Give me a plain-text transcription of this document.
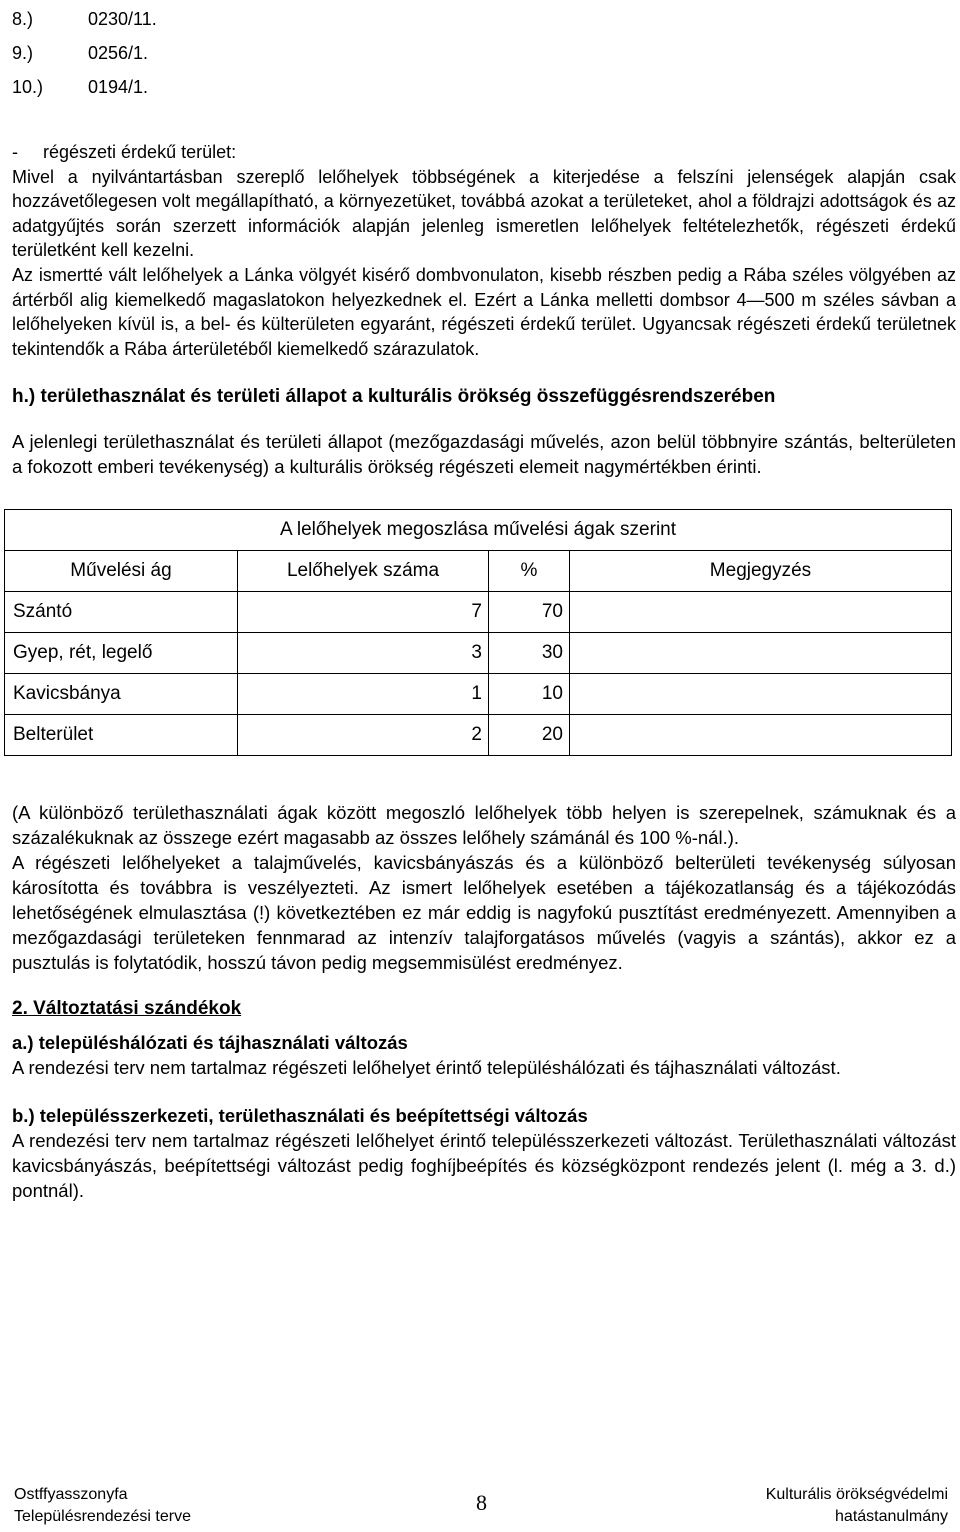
8.)	0230/11.
9.)	0256/1.
10.)	0194/1.

-     régészeti érdekű terület:

Mivel a nyilvántartásban szereplő lelőhelyek többségének a kiterjedése a felszíni jelenségek alapján csak hozzávetőlegesen volt megállapítható, a környezetüket, továbbá azokat a területeket, ahol a földrajzi adottságok és az adatgyűjtés során szerzett információk alapján jelenleg ismeretlen lelőhelyek feltételezhetők, régészeti érdekű területként kell kezelni.

Az ismertté vált lelőhelyek a Lánka völgyét kisérő dombvonulaton, kisebb részben pedig a Rába széles völgyében az ártérből alig kiemelkedő magaslatokon helyezkednek el. Ezért a Lánka melletti dombsor 4—500 m széles sávban a lelőhelyeken kívül is, a bel- és külterületen egyaránt, régészeti érdekű terület. Ugyancsak régészeti érdekű területnek tekintendők a Rába árterületéből kiemelkedő szárazulatok.

h.) területhasználat és területi állapot a kulturális örökség összefüggésrendszerében

A jelenlegi területhasználat és területi állapot (mezőgazdasági művelés, azon belül többnyire szántás, belterületen a fokozott emberi tevékenység) a kulturális örökség régészeti elemeit nagymértékben érinti.

A lelőhelyek megoszlása művelési ágak szerint			
Művelési ág	Lelőhelyek száma	%	Megjegyzés
Szántó	7	70	
Gyep, rét, legelő	3	30	
Kavicsbánya	1	10	
Belterület	2	20	

(A különböző területhasználati ágak között megoszló lelőhelyek több helyen is szerepelnek, számuknak és a százalékuknak az összege ezért magasabb az összes lelőhely számánál és 100 %-nál.).

A régészeti lelőhelyeket a talajművelés, kavicsbányászás és a különböző belterületi tevékenység súlyosan károsította és továbbra is veszélyezteti. Az ismert lelőhelyek esetében a tájékozatlanság és a tájékozódás lehetőségének elmulasztása (!) következtében ez már eddig is nagyfokú pusztítást eredményezett. Amennyiben a mezőgazdasági területeken fennmarad az intenzív talajforgatásos művelés (vagyis a szántás), akkor ez a pusztulás is folytatódik, hosszú távon pedig megsemmisülést eredményez.

2. Változtatási szándékok

a.) településhálózati és tájhasználati változás

A rendezési terv nem tartalmaz régészeti lelőhelyet érintő településhálózati és tájhasználati változást.

b.) településszerkezeti, területhasználati és beépítettségi változás

A rendezési terv nem tartalmaz régészeti lelőhelyet érintő településszerkezeti változást. Területhasználati változást kavicsbányászás, beépítettségi változást pedig foghíjbeépítés és községközpont rendezés jelent (l. még a 3. d.) pontnál).

Ostffyasszonyfa
Településrendezési terve
8	Kulturális örökségvédelmi
hatástanulmány
